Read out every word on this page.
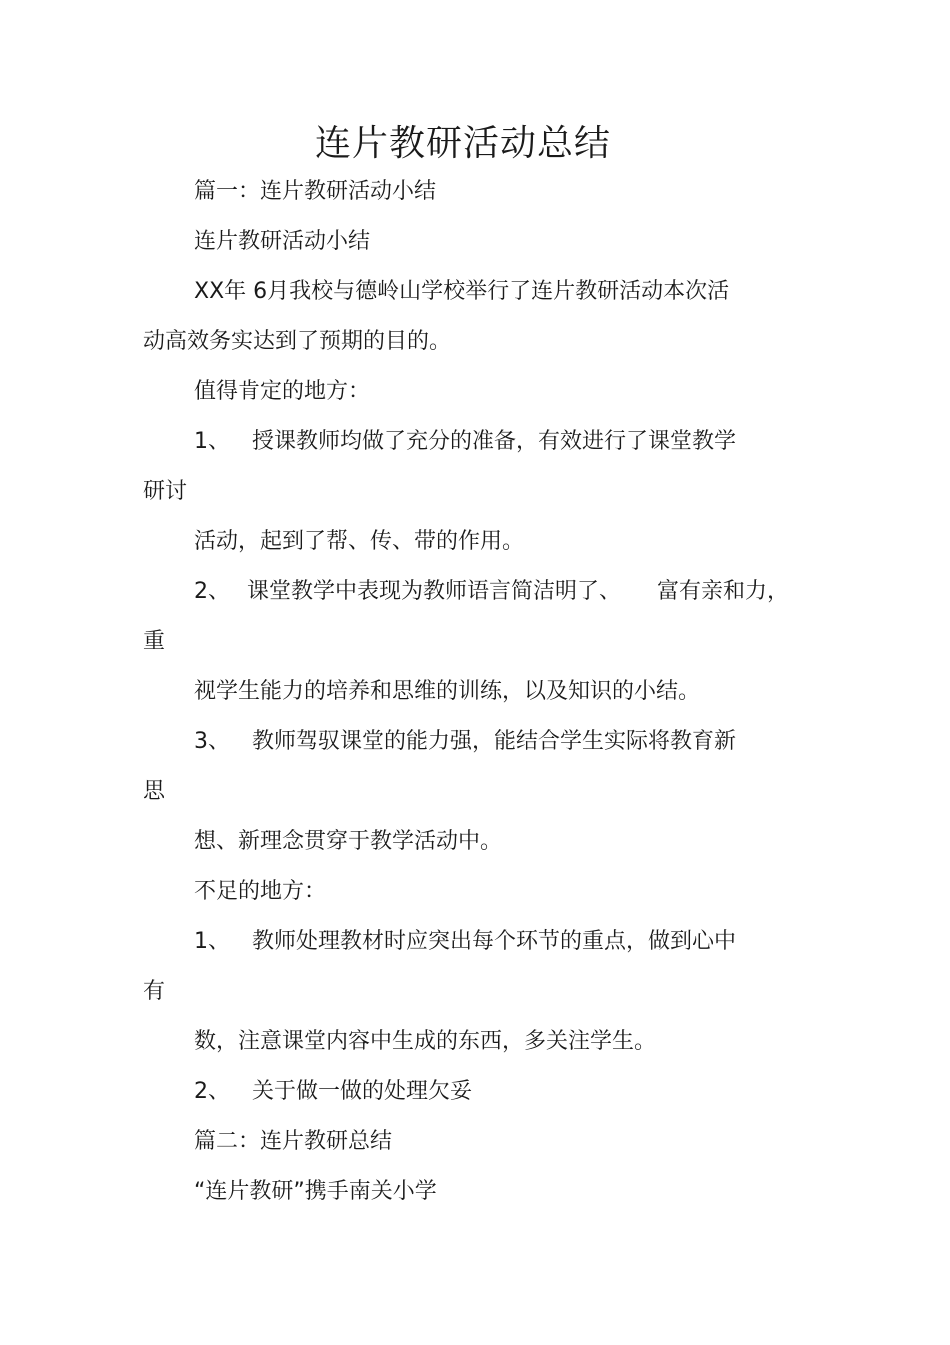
连片教研活动总结
篇一：连片教研活动小结
连片教研活动小结
XX年 6月我校与德岭山学校举行了连片教研活动本次活
动高效务实达到了预期的目的。
值得肯定的地方：
1、 授课教师均做了充分的准备，有效进行了课堂教学
研讨
活动，起到了帮、传、带的作用。
2、 课堂教学中表现为教师语言简洁明了、 富有亲和力，
重
视学生能力的培养和思维的训练，以及知识的小结。
3、 教师驾驭课堂的能力强，能结合学生实际将教育新
思
想、新理念贯穿于教学活动中。
不足的地方：
1、 教师处理教材时应突出每个环节的重点，做到心中
有
数，注意课堂内容中生成的东西，多关注学生。
2、 关于做一做的处理欠妥
篇二：连片教研总结
“连片教研”携手南关小学
